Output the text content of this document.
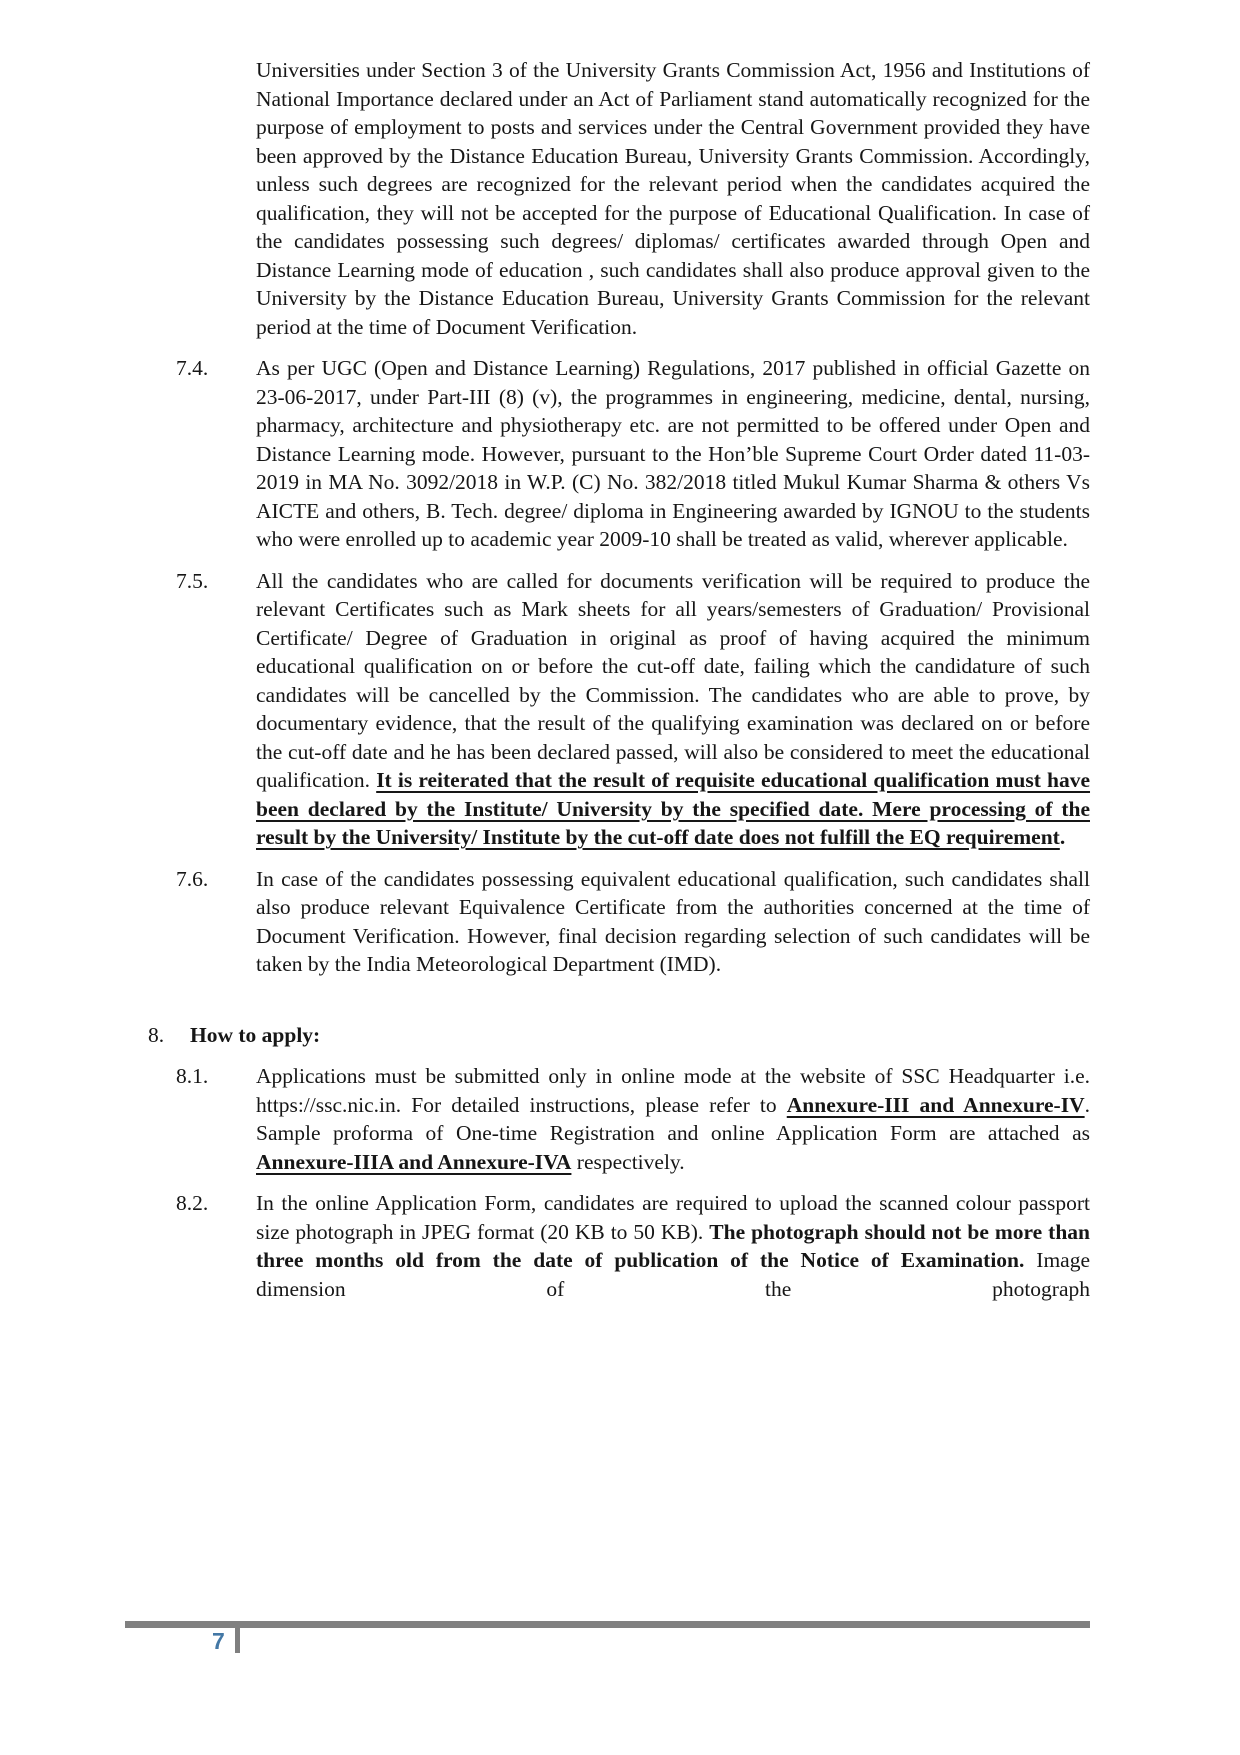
Universities under Section 3 of the University Grants Commission Act, 1956 and Institutions of National Importance declared under an Act of Parliament stand automatically recognized for the purpose of employment to posts and services under the Central Government provided they have been approved by the Distance Education Bureau, University Grants Commission. Accordingly, unless such degrees are recognized for the relevant period when the candidates acquired the qualification, they will not be accepted for the purpose of Educational Qualification. In case of the candidates possessing such degrees/ diplomas/ certificates awarded through Open and Distance Learning mode of education , such candidates shall also produce approval given to the University by the Distance Education Bureau, University Grants Commission for the relevant period at the time of Document Verification.
7.4.	As per UGC (Open and Distance Learning) Regulations, 2017 published in official Gazette on 23-06-2017, under Part-III (8) (v), the programmes in engineering, medicine, dental, nursing, pharmacy, architecture and physiotherapy etc. are not permitted to be offered under Open and Distance Learning mode. However, pursuant to the Hon’ble Supreme Court Order dated 11-03-2019 in MA No. 3092/2018 in W.P. (C) No. 382/2018 titled Mukul Kumar Sharma & others Vs AICTE and others, B. Tech. degree/ diploma in Engineering awarded by IGNOU to the students who were enrolled up to academic year 2009-10 shall be treated as valid, wherever applicable.
7.5.	All the candidates who are called for documents verification will be required to produce the relevant Certificates such as Mark sheets for all years/semesters of Graduation/ Provisional Certificate/ Degree of Graduation in original as proof of having acquired the minimum educational qualification on or before the cut-off date, failing which the candidature of such candidates will be cancelled by the Commission. The candidates who are able to prove, by documentary evidence, that the result of the qualifying examination was declared on or before the cut-off date and he has been declared passed, will also be considered to meet the educational qualification. It is reiterated that the result of requisite educational qualification must have been declared by the Institute/ University by the specified date. Mere processing of the result by the University/ Institute by the cut-off date does not fulfill the EQ requirement.
7.6.	In case of the candidates possessing equivalent educational qualification, such candidates shall also produce relevant Equivalence Certificate from the authorities concerned at the time of Document Verification. However, final decision regarding selection of such candidates will be taken by the India Meteorological Department (IMD).
8.	How to apply:
8.1.	Applications must be submitted only in online mode at the website of SSC Headquarter i.e. https://ssc.nic.in. For detailed instructions, please refer to Annexure-III and Annexure-IV. Sample proforma of One-time Registration and online Application Form are attached as Annexure-IIIA and Annexure-IVA respectively.
8.2.	In the online Application Form, candidates are required to upload the scanned colour passport size photograph in JPEG format (20 KB to 50 KB). The photograph should not be more than three months old from the date of publication of the Notice of Examination. Image dimension of the photograph
7
